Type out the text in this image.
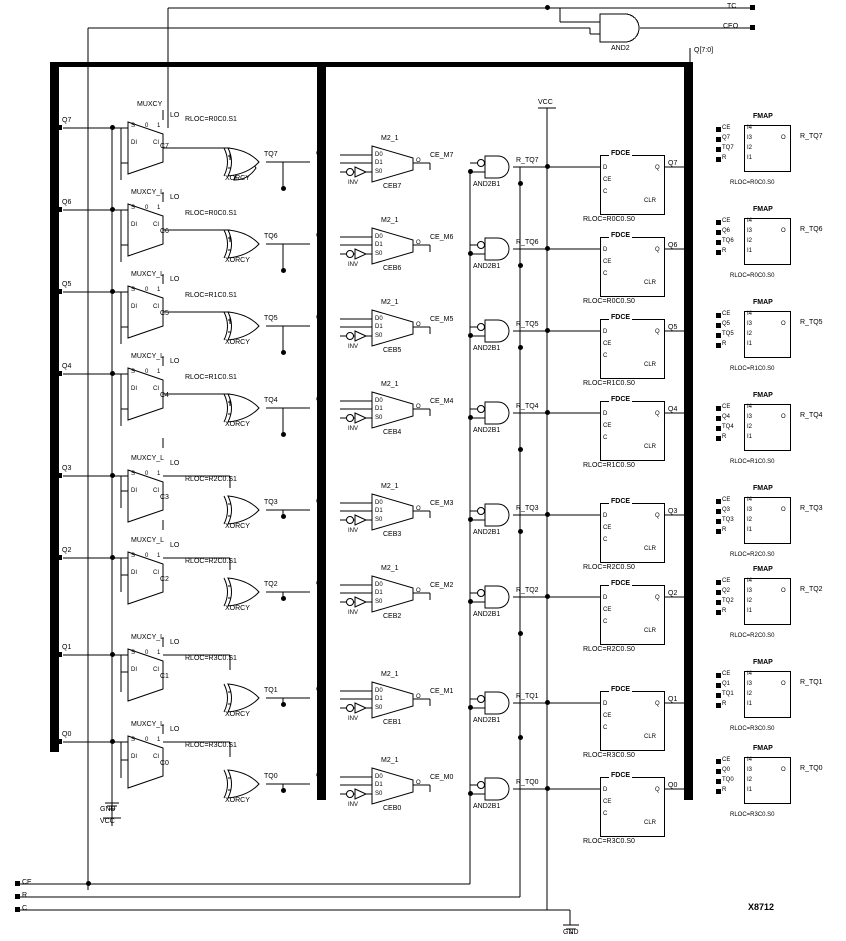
TC
CEO
AND2	Q[7:0]
VCC
GND
GND
VCC
X8712
CE
R
C
Q7
Q6
Q5
Q4
Q3
Q2
Q1
Q0
MUXCY
LO
S 0 1
DI	CI
RLOC=R0C0.S1
C7
MUXCY_L
LO
S 0 1
DI	CI
RLOC=R0C0.S1
C6
MUXCY_L
LO
S 0 1
DI	CI
RLOC=R1C0.S1
C5
MUXCY_L
LO
S 0 1
DI	CI
RLOC=R1C0.S1
C4
MUXCY_L
LO
S 0 1
DI	CI
RLOC=R2C0.S1
C3
MUXCY_L
LO
S 0 1
DI	CI
RLOC=R2C0.S1
C2
MUXCY_L
LO
S 0 1
DI	CI
RLOC=R3C0.S1
C1
MUXCY_L
LO
S 0 1
DI	CI
RLOC=R3C0.S1
C0
XORCY
TQ7
XORCY
TQ6
XORCY
TQ5
XORCY
TQ4
XORCY
TQ3
XORCY
TQ2
XORCY
TQ1
XORCY
TQ0
M2_1
D0
D1
S0
Q7
O
CE_M7
CEB7
INV
M2_1
D0
D1
S0
Q6
O
CE_M6
CEB6
INV
M2_1
D0
D1
S0
Q5
O
CE_M5
CEB5
INV
M2_1
D0
D1
S0
Q4
O
CE_M4
CEB4
INV
M2_1
D0
D1
S0
Q3
O
CE_M3
CEB3
INV
M2_1
D0
D1
S0
Q2
O
CE_M2
CEB2
INV
M2_1
D0
D1
S0
Q1
O
CE_M1
CEB1
INV
M2_1
D0
D1
S0
Q0
O
CE_M0
CEB0
INV
AND2B1
R_TQ7
AND2B1
R_TQ6
AND2B1
R_TQ5
AND2B1
R_TQ4
AND2B1
R_TQ3
AND2B1
R_TQ2
AND2B1
R_TQ1
AND2B1
R_TQ0
FDCE
D
CE
C
CLR
Q
Q7
RLOC=R0C0.S0
FDCE
D
CE
C
CLR
Q
Q6
RLOC=R0C0.S0
FDCE
D
CE
C
CLR
Q
Q5
RLOC=R1C0.S0
FDCE
D
CE
C
CLR
Q
Q4
RLOC=R1C0.S0
FDCE
D
CE
C
CLR
Q
Q3
RLOC=R2C0.S0
FDCE
D
CE
C
CLR
Q
Q2
RLOC=R2C0.S0
FDCE
D
CE
C
CLR
Q
Q1
RLOC=R3C0.S0
FDCE
D
CE
C
CLR
Q
Q0
RLOC=R3C0.S0
FMAP
CE
Q7
TQ7
R
I4
I3
I2
I1
O R_TQ7
RLOC=R0C0.S0
FMAP
CE
Q6
TQ6
R
I4
I3
I2
I1
O R_TQ6
RLOC=R0C0.S0
FMAP
CE
Q5
TQ5
R
I4
I3
I2
I1
O R_TQ5
RLOC=R1C0.S0
FMAP
CE
Q4
TQ4
R
I4
I3
I2
I1
O R_TQ4
RLOC=R1C0.S0
FMAP
CE
Q3
TQ3
R
I4
I3
I2
I1
O R_TQ3
RLOC=R2C0.S0
FMAP
CE
Q2
TQ2
R
I4
I3
I2
I1
O R_TQ2
RLOC=R2C0.S0
FMAP
CE
Q1
TQ1
R
I4
I3
I2
I1
O R_TQ1
RLOC=R3C0.S0
FMAP
CE
Q0
TQ0
R
I4
I3
I2
I1
O R_TQ0
RLOC=R3C0.S0
